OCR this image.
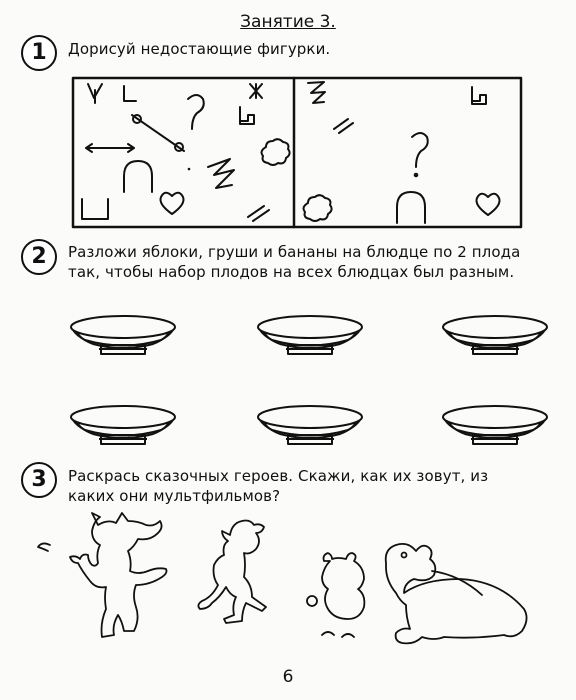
Занятие 3.
1	Дорисуй недостающие фигурки.
2	Разложи яблоки, груши и бананы на блюдце по 2 плода
так, чтобы набор плодов на всех блюдцах был разным.
3	Раскрась сказочных героев. Скажи, как их зовут, из
каких они мультфильмов?
6
